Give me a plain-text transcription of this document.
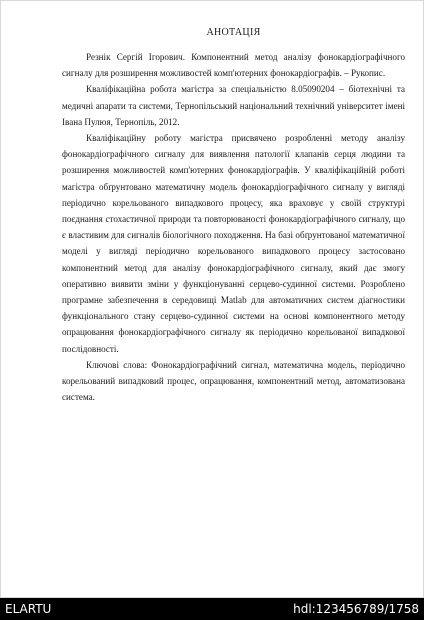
АНОТАЦІЯ

Резнік Сергій Ігорович. Компонентний метод аналізу фонокардіографічного сигналу для розширення можливостей комп'ютерних фонокардіографів. – Рукопис.

Кваліфікаційна робота магістра за спеціальністю 8.05090204 – біотехнічні та медичні апарати та системи, Тернопільський національний технічний університет імені Івана Пулюя, Тернопіль, 2012.

Кваліфікаційну роботу магістра присвячено розробленні методу аналізу фонокардіографічного сигналу для виявлення патології клапанів серця людини та розширення можливостей комп'ютерних фонокардіографів. У кваліфікаційній роботі магістра обґрунтовано математичну модель фонокардіографічного сигналу у вигляді періодично корельованого випадкового процесу, яка враховує у своїй структурі поєднання стохастичної природи та повторюваності фонокардіографічного сигналу, що є властивим для сигналів біологічного походження. На базі обґрунтованої математичної моделі у вигляді періодично корельованого випадкового процесу застосовано компонентний метод для аналізу фонокардіографічного сигналу, який дає змогу оперативно виявити зміни у функціонуванні серцево-судинної системи. Розроблено програмне забезпечення в середовищі Matlab для автоматичних систем діагностики функціонального стану серцево-судинної системи на основі компонентного методу опрацювання фонокардіографічного сигналу як періодично корельованої випадкової послідовності.

Ключові слова: Фонокардіографічний сигнал, математична модель, періодично корельований випадковий процес, опрацювання, компонентний метод, автоматизована система.

ELARTU	hdl:123456789/1758
